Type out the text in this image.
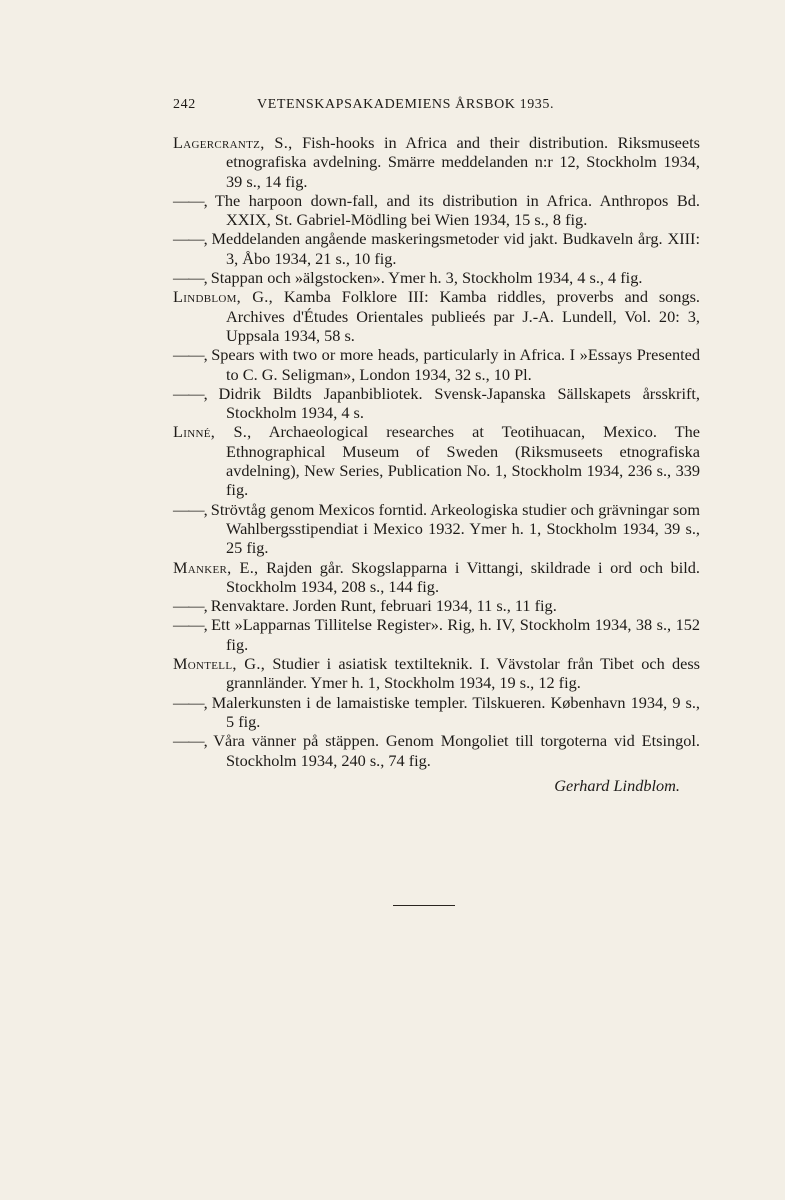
242	VETENSKAPSAKADEMIENS ÅRSBOK 1935.

Lagercrantz, S., Fish-hooks in Africa and their distribution. Riksmuseets etnografiska avdelning. Smärre meddelanden n:r 12, Stockholm 1934, 39 s., 14 fig.

——, The harpoon down-fall, and its distribution in Africa. Anthropos Bd. XXIX, St. Gabriel-Mödling bei Wien 1934, 15 s., 8 fig.

——, Meddelanden angående maskeringsmetoder vid jakt. Budkaveln årg. XIII: 3, Åbo 1934, 21 s., 10 fig.

——, Stappan och »älgstocken». Ymer h. 3, Stockholm 1934, 4 s., 4 fig.

Lindblom, G., Kamba Folklore III: Kamba riddles, proverbs and songs. Archives d'Études Orientales publieés par J.-A. Lundell, Vol. 20: 3, Uppsala 1934, 58 s.

——, Spears with two or more heads, particularly in Africa. I »Essays Presented to C. G. Seligman», London 1934, 32 s., 10 Pl.

——, Didrik Bildts Japanbibliotek. Svensk-Japanska Sällskapets årsskrift, Stockholm 1934, 4 s.

Linné, S., Archaeological researches at Teotihuacan, Mexico. The Ethnographical Museum of Sweden (Riksmuseets etnografiska avdelning), New Series, Publication No. 1, Stockholm 1934, 236 s., 339 fig.

——, Strövtåg genom Mexicos forntid. Arkeologiska studier och grävningar som Wahlbergsstipendiat i Mexico 1932. Ymer h. 1, Stockholm 1934, 39 s., 25 fig.

Manker, E., Rajden går. Skogslapparna i Vittangi, skildrade i ord och bild. Stockholm 1934, 208 s., 144 fig.

——, Renvaktare. Jorden Runt, februari 1934, 11 s., 11 fig.

——, Ett »Lapparnas Tillitelse Register». Rig, h. IV, Stockholm 1934, 38 s., 152 fig.

Montell, G., Studier i asiatisk textilteknik. I. Vävstolar från Tibet och dess grannländer. Ymer h. 1, Stockholm 1934, 19 s., 12 fig.

——, Malerkunsten i de lamaistiske templer. Tilskueren. København 1934, 9 s., 5 fig.

——, Våra vänner på stäppen. Genom Mongoliet till torgoterna vid Etsingol. Stockholm 1934, 240 s., 74 fig.

Gerhard Lindblom.
